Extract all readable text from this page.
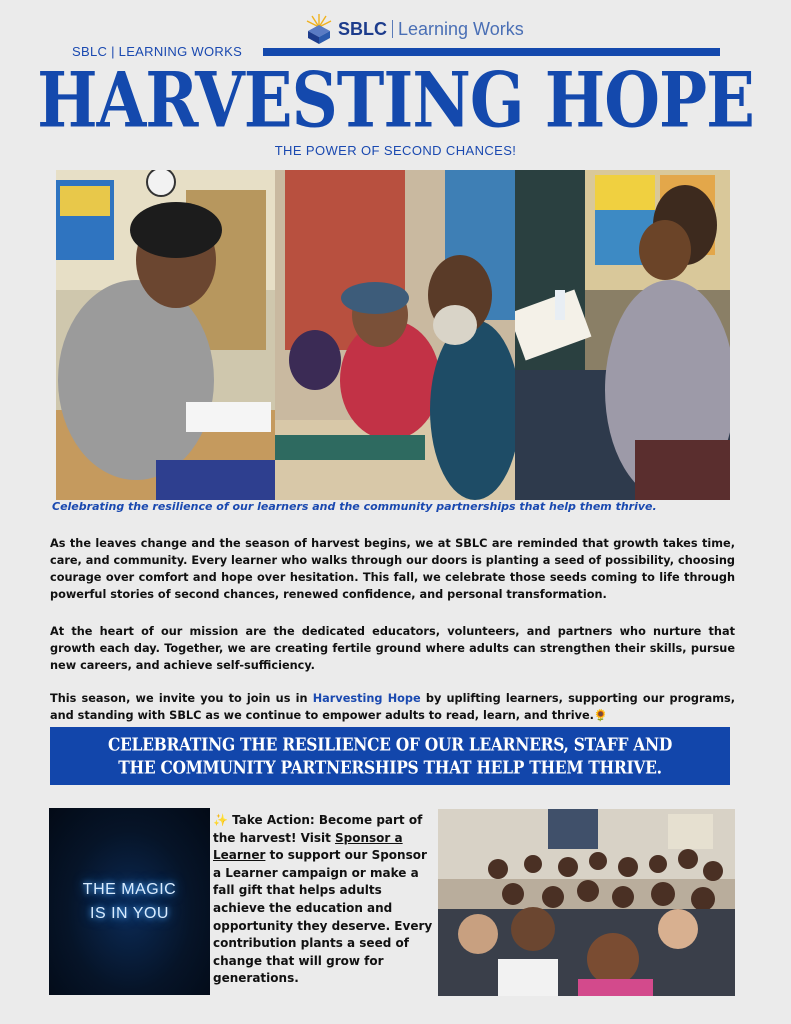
SBLC Learning Works
SBLC | LEARNING WORKS
HARVESTING HOPE
THE POWER OF SECOND CHANCES!
Celebrating the resilience of our learners and the community partnerships that help them thrive.
As the leaves change and the season of harvest begins, we at SBLC are reminded that growth takes time, care, and community. Every learner who walks through our doors is planting a seed of possibility, choosing courage over comfort and hope over hesitation. This fall, we celebrate those seeds coming to life through powerful stories of second chances, renewed confidence, and personal transformation.
At the heart of our mission are the dedicated educators, volunteers, and partners who nurture that growth each day. Together, we are creating fertile ground where adults can strengthen their skills, pursue new careers, and achieve self-sufficiency.
This season, we invite you to join us in Harvesting Hope by uplifting learners, supporting our programs, and standing with SBLC as we continue to empower adults to read, learn, and thrive.🌻
CELEBRATING THE RESILIENCE OF OUR LEARNERS, STAFF AND
THE COMMUNITY PARTNERSHIPS THAT HELP THEM THRIVE.
THE MAGIC
IS IN YOU
✨ Take Action: Become part of the harvest! Visit Sponsor a Learner to support our Sponsor a Learner campaign or make a fall gift that helps adults achieve the education and opportunity they deserve. Every contribution plants a seed of change that will grow for generations.
